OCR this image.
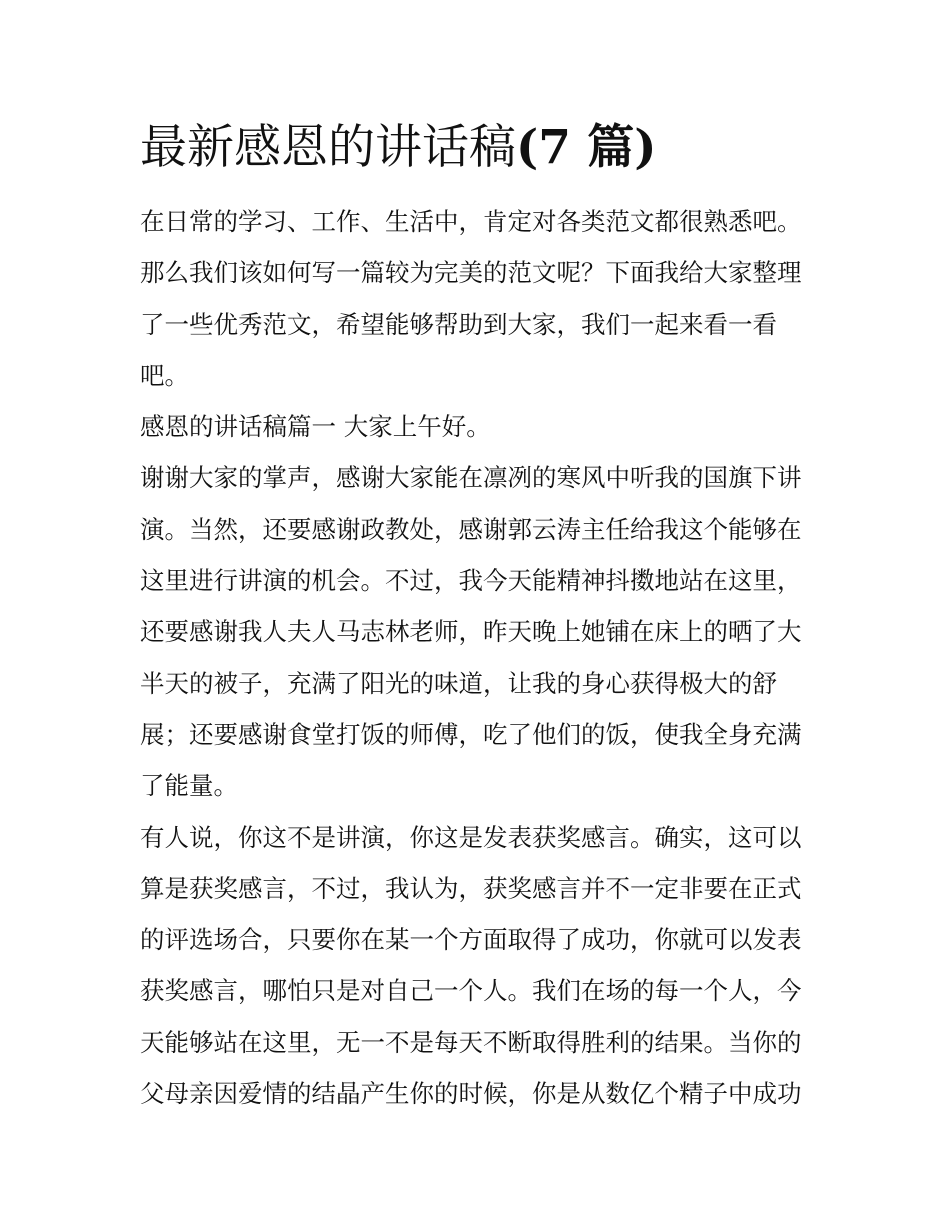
最新感恩的讲话稿(7 篇)
在日常的学习、工作、生活中，肯定对各类范文都很熟悉吧。
那么我们该如何写一篇较为完美的范文呢？下面我给大家整理
了一些优秀范文，希望能够帮助到大家，我们一起来看一看
吧。
感恩的讲话稿篇一 大家上午好。
谢谢大家的掌声，感谢大家能在凛冽的寒风中听我的国旗下讲
演。当然，还要感谢政教处，感谢郭云涛主任给我这个能够在
这里进行讲演的机会。不过，我今天能精神抖擞地站在这里，
还要感谢我人夫人马志林老师，昨天晚上她铺在床上的晒了大
半天的被子，充满了阳光的味道，让我的身心获得极大的舒
展；还要感谢食堂打饭的师傅，吃了他们的饭，使我全身充满
了能量。
有人说，你这不是讲演，你这是发表获奖感言。确实，这可以
算是获奖感言，不过，我认为，获奖感言并不一定非要在正式
的评选场合，只要你在某一个方面取得了成功，你就可以发表
获奖感言，哪怕只是对自己一个人。我们在场的每一个人，今
天能够站在这里，无一不是每天不断取得胜利的结果。当你的
父母亲因爱情的结晶产生你的时候，你是从数亿个精子中成功
